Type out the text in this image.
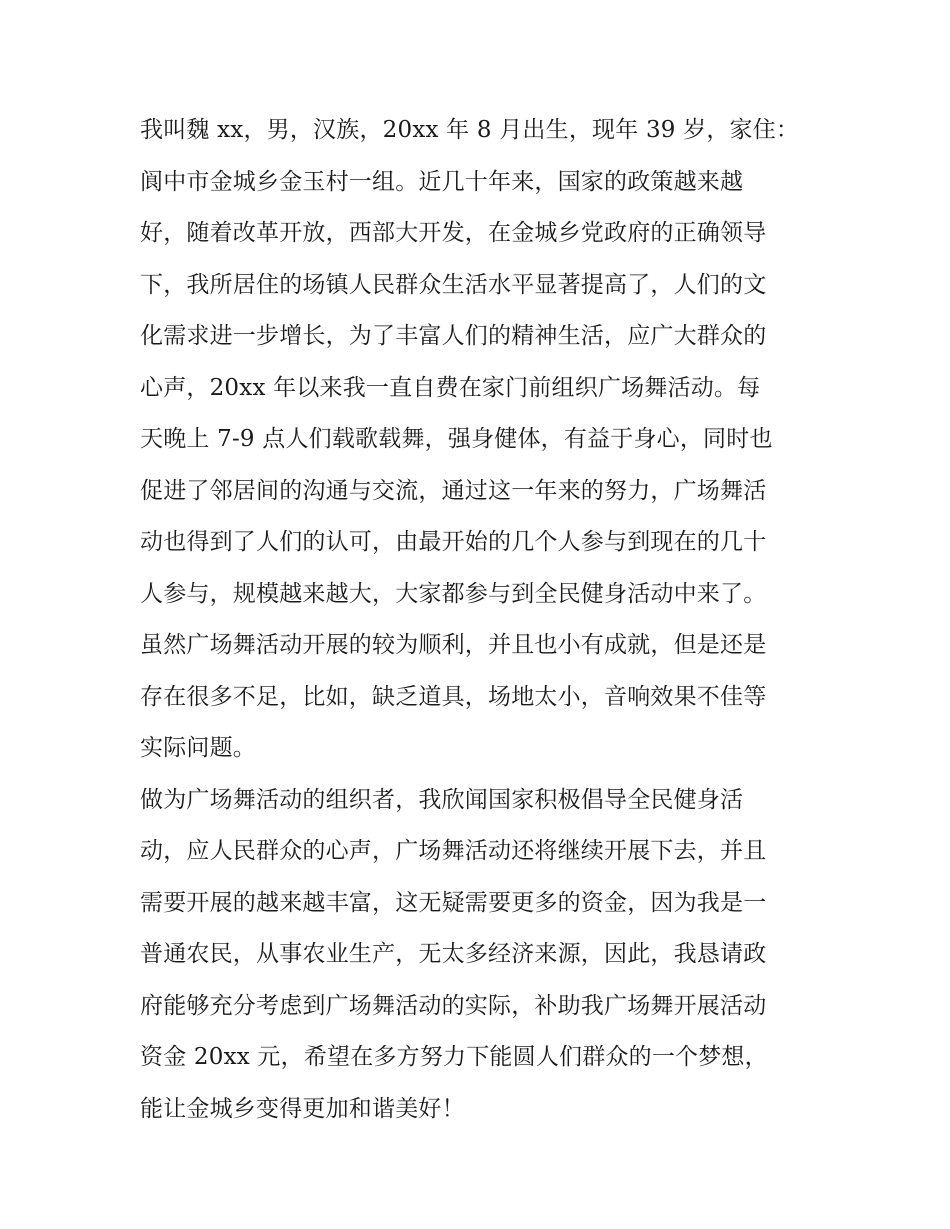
我叫魏 xx，男，汉族，20xx 年 8 月出生，现年 39 岁，家住：
阆中市金城乡金玉村一组。近几十年来，国家的政策越来越
好，随着改革开放，西部大开发，在金城乡党政府的正确领导
下，我所居住的场镇人民群众生活水平显著提高了，人们的文
化需求进一步增长，为了丰富人们的精神生活，应广大群众的
心声，20xx 年以来我一直自费在家门前组织广场舞活动。每
天晚上 7-9 点人们载歌载舞，强身健体，有益于身心，同时也
促进了邻居间的沟通与交流，通过这一年来的努力，广场舞活
动也得到了人们的认可，由最开始的几个人参与到现在的几十
人参与，规模越来越大，大家都参与到全民健身活动中来了。
虽然广场舞活动开展的较为顺利，并且也小有成就，但是还是
存在很多不足，比如，缺乏道具，场地太小，音响效果不佳等
实际问题。
做为广场舞活动的组织者，我欣闻国家积极倡导全民健身活
动，应人民群众的心声，广场舞活动还将继续开展下去，并且
需要开展的越来越丰富，这无疑需要更多的资金，因为我是一
普通农民，从事农业生产，无太多经济来源，因此，我恳请政
府能够充分考虑到广场舞活动的实际，补助我广场舞开展活动
资金 20xx 元，希望在多方努力下能圆人们群众的一个梦想，
能让金城乡变得更加和谐美好！
